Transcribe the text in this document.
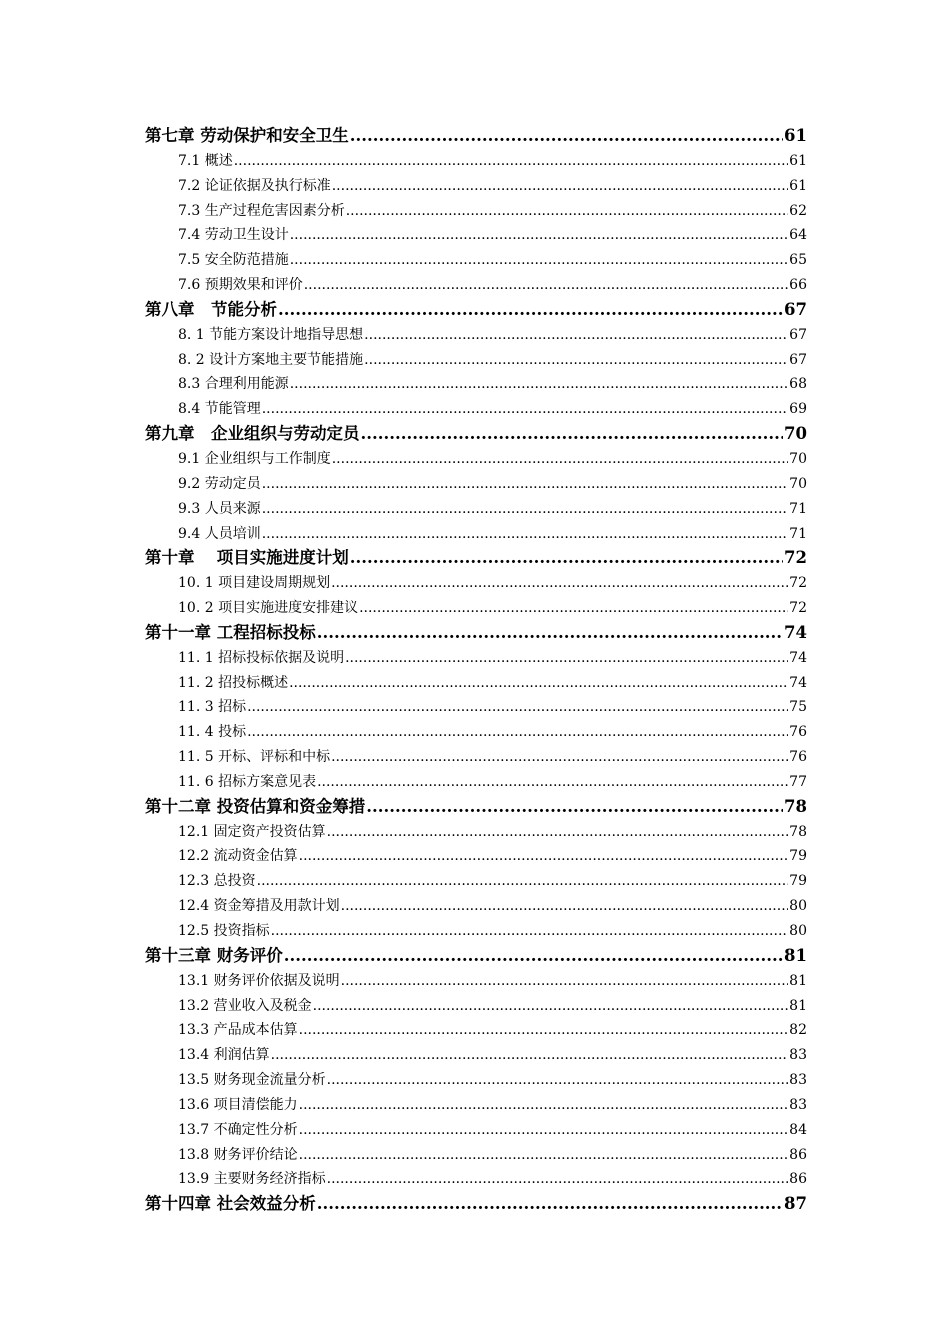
第七章 劳动保护和安全卫生 .....	61
7.1 概述 .....	61
7.2 论证依据及执行标准 .....	61
7.3 生产过程危害因素分析 .....	62
7.4 劳动卫生设计 .....	64
7.5 安全防范措施 .....	65
7.6 预期效果和评价 .....	66
第八章　节能分析 .....	67
8. 1 节能方案设计地指导思想 .....	67
8. 2 设计方案地主要节能措施 .....	67
8.3 合理利用能源 .....	68
8.4 节能管理 .....	69
第九章　企业组织与劳动定员 .....	70
9.1 企业组织与工作制度 .....	70
9.2 劳动定员 .....	70
9.3 人员来源 .....	71
9.4 人员培训 .....	71
第十章　 项目实施进度计划 .....	72
10. 1 项目建设周期规划 .....	72
10. 2 项目实施进度安排建议 .....	72
第十一章 工程招标投标 .....	74
11. 1 招标投标依据及说明 .....	74
11. 2 招投标概述 .....	74
11. 3 招标 .....	75
11. 4 投标 .....	76
11. 5 开标、评标和中标 .....	76
11. 6 招标方案意见表 .....	77
第十二章 投资估算和资金筹措 .....	78
12.1 固定资产投资估算 .....	78
12.2 流动资金估算 .....	79
12.3 总投资 .....	79
12.4 资金筹措及用款计划 .....	80
12.5 投资指标 .....	80
第十三章 财务评价 .....	81
13.1 财务评价依据及说明 .....	81
13.2 营业收入及税金 .....	81
13.3 产品成本估算 .....	82
13.4 利润估算 .....	83
13.5 财务现金流量分析 .....	83
13.6 项目清偿能力 .....	83
13.7 不确定性分析 .....	84
13.8 财务评价结论 .....	86
13.9 主要财务经济指标 .....	86
第十四章 社会效益分析 .....	87
